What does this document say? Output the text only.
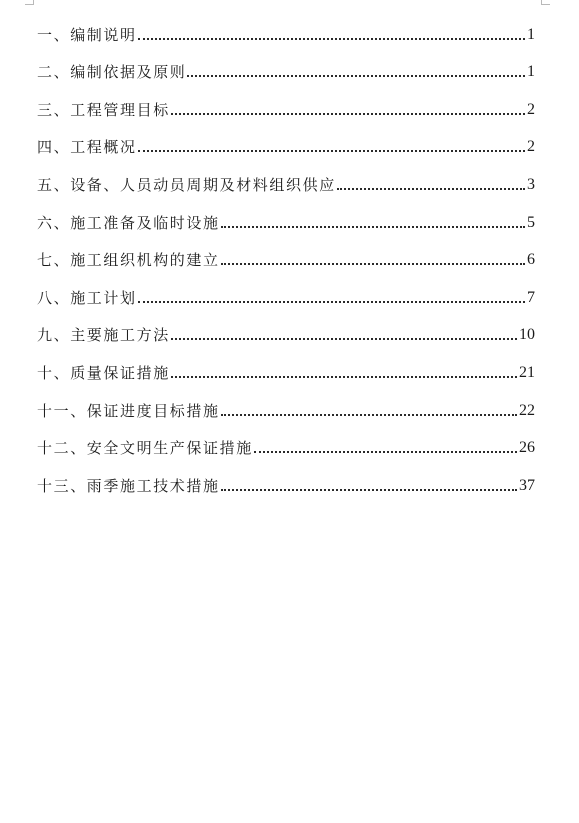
一、编制说明	1
二、编制依据及原则	1
三、工程管理目标	2
四、工程概况	2
五、设备、人员动员周期及材料组织供应	3
六、施工准备及临时设施	5
七、施工组织机构的建立	6
八、施工计划	7
九、主要施工方法	10
十、质量保证措施	21
十一、保证进度目标措施	22
十二、安全文明生产保证措施	26
十三、雨季施工技术措施	37
